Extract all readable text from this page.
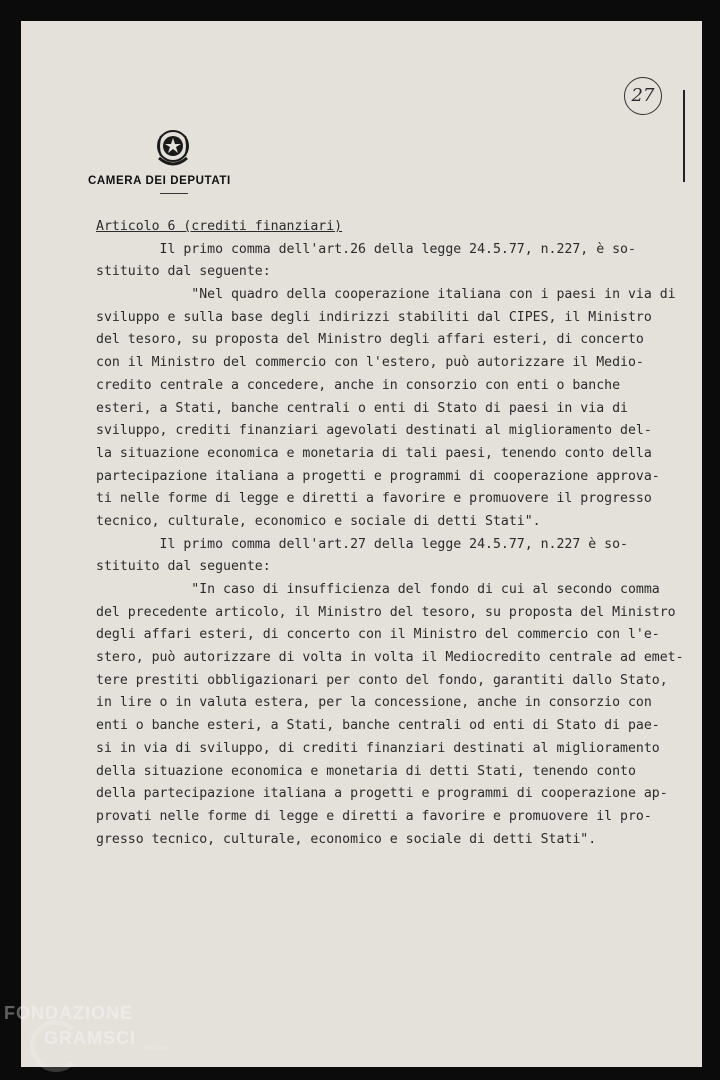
CAMERA DEI DEPUTATI
27
Articolo 6 (crediti finanziari)
Il primo comma dell'art.26 della legge 24.5.77, n.227, è so-
stituito dal seguente:
"Nel quadro della cooperazione italiana con i paesi in via di
sviluppo e sulla base degli indirizzi stabiliti dal CIPES, il Ministro
del tesoro, su proposta del Ministro degli affari esteri, di concerto
con il Ministro del commercio con l'estero, può autorizzare il Medio-
credito centrale a concedere, anche in consorzio con enti o banche
esteri, a Stati, banche centrali o enti di Stato di paesi in via di
sviluppo, crediti finanziari agevolati destinati al miglioramento del-
la situazione economica e monetaria di tali paesi, tenendo conto della
partecipazione italiana a progetti e programmi di cooperazione approva-
ti nelle forme di legge e diretti a favorire e promuovere il progresso
tecnico, culturale, economico e sociale di detti Stati".
Il primo comma dell'art.27 della legge 24.5.77, n.227 è so-
stituito dal seguente:
"In caso di insufficienza del fondo di cui al secondo comma
del precedente articolo, il Ministro del tesoro, su proposta del Ministro
degli affari esteri, di concerto con il Ministro del commercio con l'e-
stero, può autorizzare di volta in volta il Mediocredito centrale ad emet-
tere prestiti obbligazionari per conto del fondo, garantiti dallo Stato,
in lire o in valuta estera, per la concessione, anche in consorzio con
enti o banche esteri, a Stati, banche centrali od enti di Stato di pae-
si in via di sviluppo, di crediti finanziari destinati al miglioramento
della situazione economica e monetaria di detti Stati, tenendo conto
della partecipazione italiana a progetti e programmi di cooperazione ap-
provati nelle forme di legge e diretti a favorire e promuovere il pro-
gresso tecnico, culturale, economico e sociale di detti Stati".
FONDAZIONE
GRAMSCI	onlus
